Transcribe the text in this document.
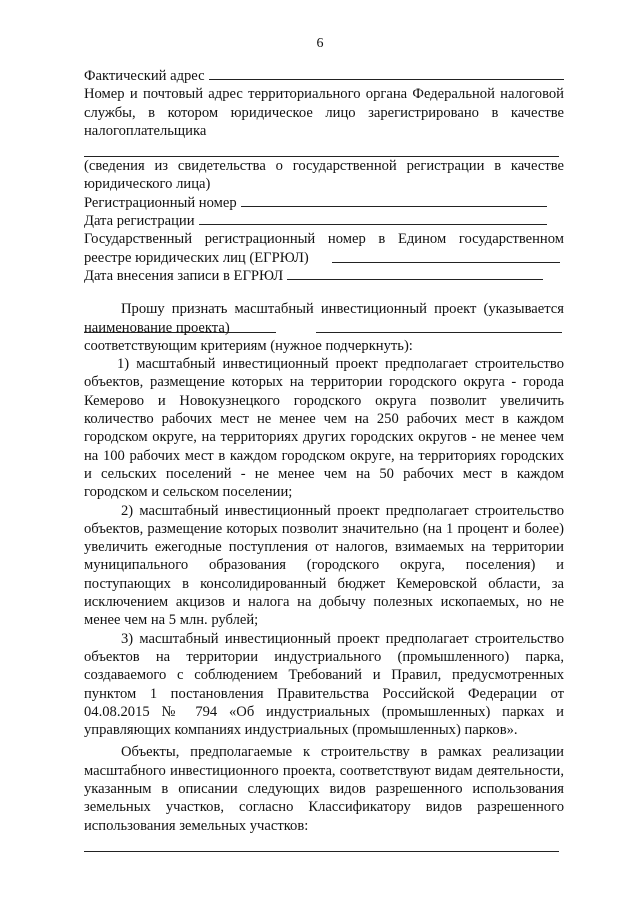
6
Фактический адрес
Номер и почтовый адрес территориального органа Федеральной налоговой службы, в котором юридическое лицо зарегистрировано в качестве налогоплательщика
(сведения из свидетельства о государственной регистрации в качестве юридического лица)
Регистрационный номер
Дата регистрации
Государственный регистрационный номер в Едином государственном реестре юридических лиц (ЕГРЮЛ)
Дата внесения записи в ЕГРЮЛ
Прошу признать масштабный инвестиционный проект (указывается наименование проекта)
соответствующим критериям (нужное подчеркнуть):
1) масштабный инвестиционный проект предполагает строительство объектов, размещение которых на территории городского округа - города Кемерово и Новокузнецкого городского округа позволит увеличить количество рабочих мест не менее чем на 250 рабочих мест в каждом городском округе, на территориях других городских округов - не менее чем на 100 рабочих мест в каждом городском округе, на территориях городских и сельских поселений - не менее чем на 50 рабочих мест в каждом городском и сельском поселении;
2) масштабный инвестиционный проект предполагает строительство объектов, размещение которых позволит значительно (на 1 процент и более) увеличить ежегодные поступления от налогов, взимаемых на территории муниципального образования (городского округа, поселения) и поступающих в консолидированный бюджет Кемеровской области, за исключением акцизов и налога на добычу полезных ископаемых, но не менее чем на 5 млн. рублей;
3) масштабный инвестиционный проект предполагает строительство объектов на территории индустриального (промышленного) парка, создаваемого с соблюдением Требований и Правил, предусмотренных пунктом 1 постановления Правительства Российской Федерации от 04.08.2015 № 794 «Об индустриальных (промышленных) парках и управляющих компаниях индустриальных (промышленных) парков».
Объекты, предполагаемые к строительству в рамках реализации масштабного инвестиционного проекта, соответствуют видам деятельности, указанным в описании следующих видов разрешенного использования земельных участков, согласно Классификатору видов разрешенного использования земельных участков:
